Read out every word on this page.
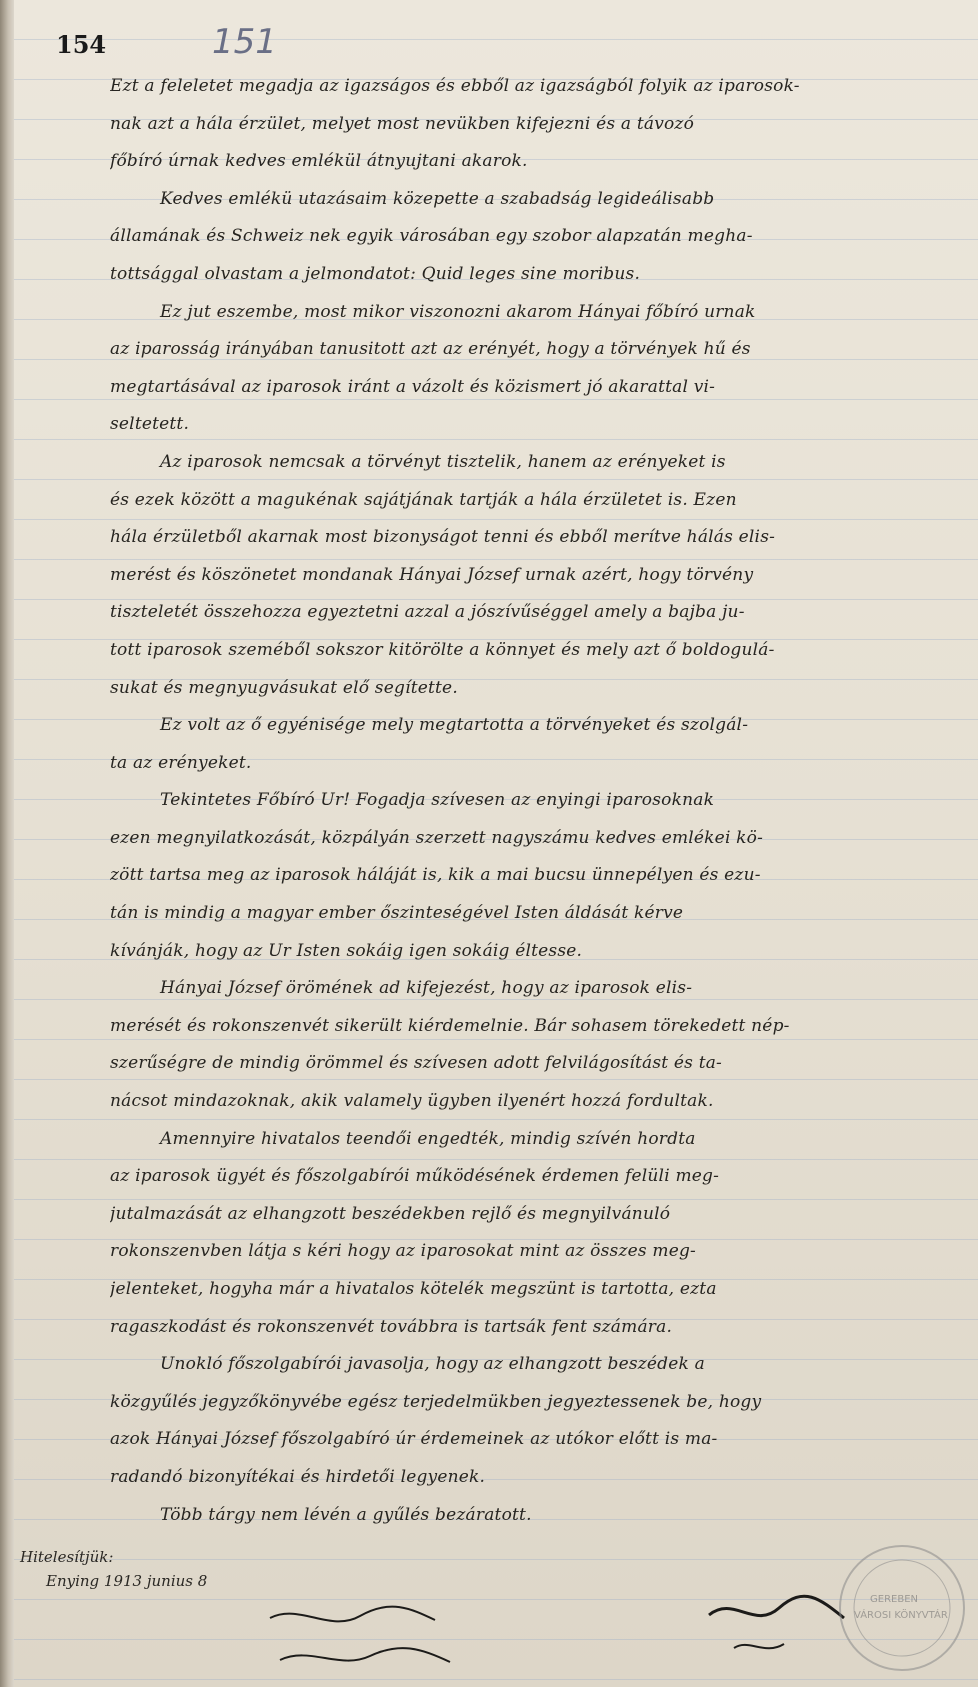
154	151

Ezt a feleletet megadja az igazságos és ebből az igazságból folyik az iparosok-

nak azt a hála érzület, melyet most nevükben kifejezni és a távozó

főbíró úrnak kedves emlékül átnyujtani akarok.

Kedves emlékü utazásaim közepette a szabadság legideálisabb

államának és Schweiz nek egyik városában egy szobor alapzatán megha-

tottsággal olvastam a jelmondatot: Quid leges sine moribus.

Ez jut eszembe, most mikor viszonozni akarom Hányai főbíró urnak

az iparosság irányában tanusitott azt az erényét, hogy a törvények hű és

megtartásával az iparosok iránt a vázolt és közismert jó akarattal vi-

seltetett.

Az iparosok nemcsak a törvényt tisztelik, hanem az erényeket is

és ezek között a magukénak sajátjának tartják a hála érzületet is. Ezen

hála érzületből akarnak most bizonyságot tenni és ebből merítve hálás elis-

merést és köszönetet mondanak Hányai József urnak azért, hogy törvény

tiszteletét összehozza egyeztetni azzal a jószívűséggel amely a bajba ju-

tott iparosok szeméből sokszor kitörölte a könnyet és mely azt ő boldogulá-

sukat és megnyugvásukat elő segítette.

Ez volt az ő egyénisége mely megtartotta a törvényeket és szolgál-

ta az erényeket.

Tekintetes Főbíró Ur! Fogadja szívesen az enyingi iparosoknak

ezen megnyilatkozását, közpályán szerzett nagyszámu kedves emlékei kö-

zött tartsa meg az iparosok háláját is, kik a mai bucsu ünnepélyen és ezu-

tán is mindig a magyar ember őszinteségével Isten áldását kérve

kívánják, hogy az Ur Isten sokáig igen sokáig éltesse.

Hányai József örömének ad kifejezést, hogy az iparosok elis-

merését és rokonszenvét sikerült kiérdemelnie. Bár sohasem törekedett nép-

szerűségre de mindig örömmel és szívesen adott felvilágosítást és ta-

nácsot mindazoknak, akik valamely ügyben ilyenért hozzá fordultak.

Amennyire hivatalos teendői engedték, mindig szívén hordta

az iparosok ügyét és főszolgabírói működésének érdemen felüli meg-

jutalmazását az elhangzott beszédekben rejlő és megnyilvánuló

rokonszenvben látja s kéri hogy az iparosokat mint az összes meg-

jelenteket, hogyha már a hivatalos kötelék megszünt is tartotta, ezta

ragaszkodást és rokonszenvét továbbra is tartsák fent számára.

Unokló főszolgabírói javasolja, hogy az elhangzott beszédek a

közgyűlés jegyzőkönyvébe egész terjedelmükben jegyeztessenek be, hogy

azok Hányai József főszolgabíró úr érdemeinek az utókor előtt is ma-

radandó bizonyítékai és hirdetői legyenek.

Több tárgy nem lévén a gyűlés bezáratott.

Hitelesítjük:
Enying 1913 junius 8
GEREBEN
VÁROSI KÖNYVTÁR
